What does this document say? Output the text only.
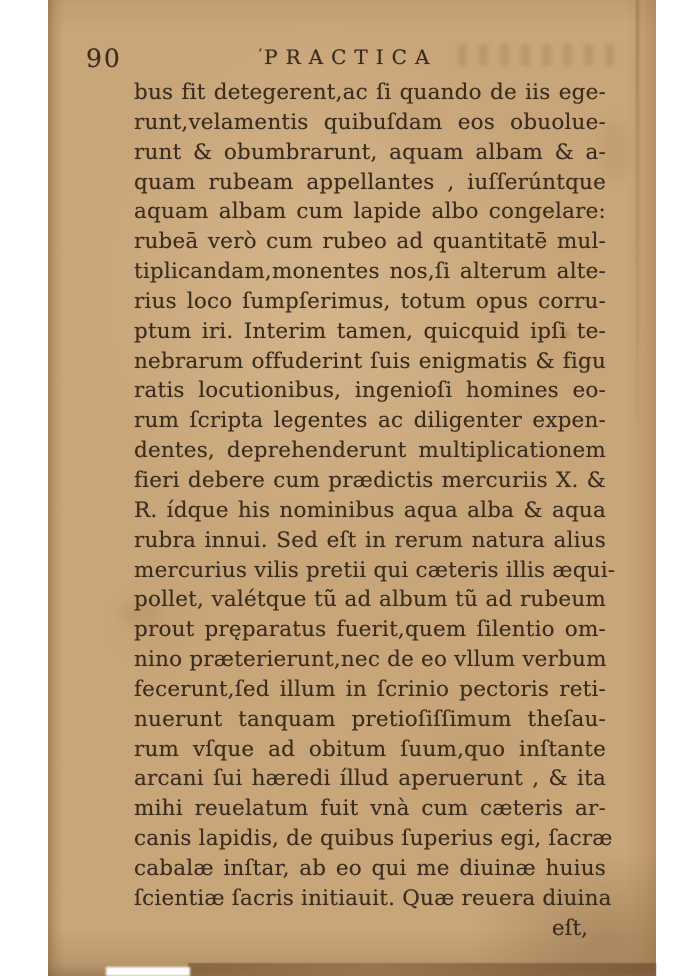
90	‘PRACTICA
bus fit detegerent,ac ſi quando de iis ege-
runt,velamentis quibuſdam eos obuolue-
runt & obumbrarunt, aquam albam & a-
quam rubeam appellantes , iuſſerúntque
aquam albam cum lapide albo congelare:
rubeā verò cum rubeo ad quantitatē mul-
tiplicandam,monentes nos,ſi alterum alte-
rius loco ſumpſerimus, totum opus corru-
ptum iri. Interim tamen, quicquid ipſi te-
nebrarum offuderint ſuis enigmatis & figu
ratis locutionibus, ingenioſi homines eo-
rum ſcripta legentes ac diligenter expen-
dentes, deprehenderunt multiplicationem
fieri debere cum prædictis mercuriis X. &
R. ídque his nominibus aqua alba & aqua
rubra innui. Sed eſt in rerum natura alius
mercurius vilis pretii qui cæteris illis æqui-
pollet, valétque tũ ad album tũ ad rubeum
prout pręparatus fuerit,quem ſilentio om-
nino præterierunt,nec de eo vllum verbum
fecerunt,ſed illum in ſcrinio pectoris reti-
nuerunt tanquam pretioſiſſimum theſau-
rum vſque ad obitum ſuum,quo inſtante
arcani ſui hæredi íllud aperuerunt , & ita
mihi reuelatum fuit vnà cum cæteris ar-
canis lapidis, de quibus ſuperius egi, ſacræ
cabalæ inſtar, ab eo qui me diuinæ huius
ſcientiæ ſacris initiauit. Quæ reuera diuina
eſt,
